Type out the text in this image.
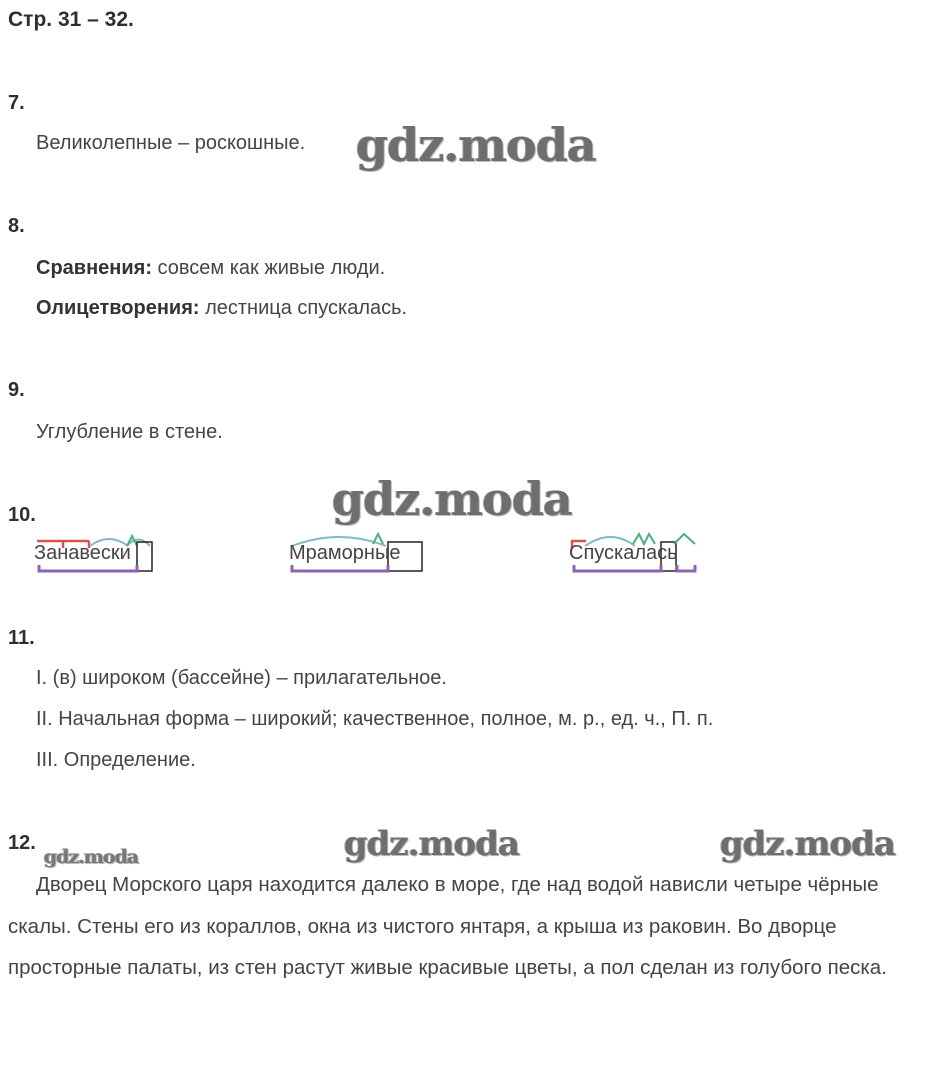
Стр. 31 – 32.
7.
Великолепные – роскошные.
8.
Сравнения: совсем как живые люди.
Олицетворения: лестница спускалась.
9.
Углубление в стене.
10.
Занавески	Мраморные	Спускалась
11.
I. (в) широком (бассейне) – прилагательное.
II. Начальная форма – широкий; качественное, полное, м. р., ед. ч., П. п.
III. Определение.
12.

Дворец Морского царя находится далеко в море, где над водой нависли четыре чёрные скалы. Стены его из кораллов, окна из чистого янтаря, а крыша из раковин. Во дворце просторные палаты, из стен растут живые красивые цветы, а пол сделан из голубого песка.

gdz.moda
gdz.moda
gdz.moda	gdz.moda	gdz.moda
